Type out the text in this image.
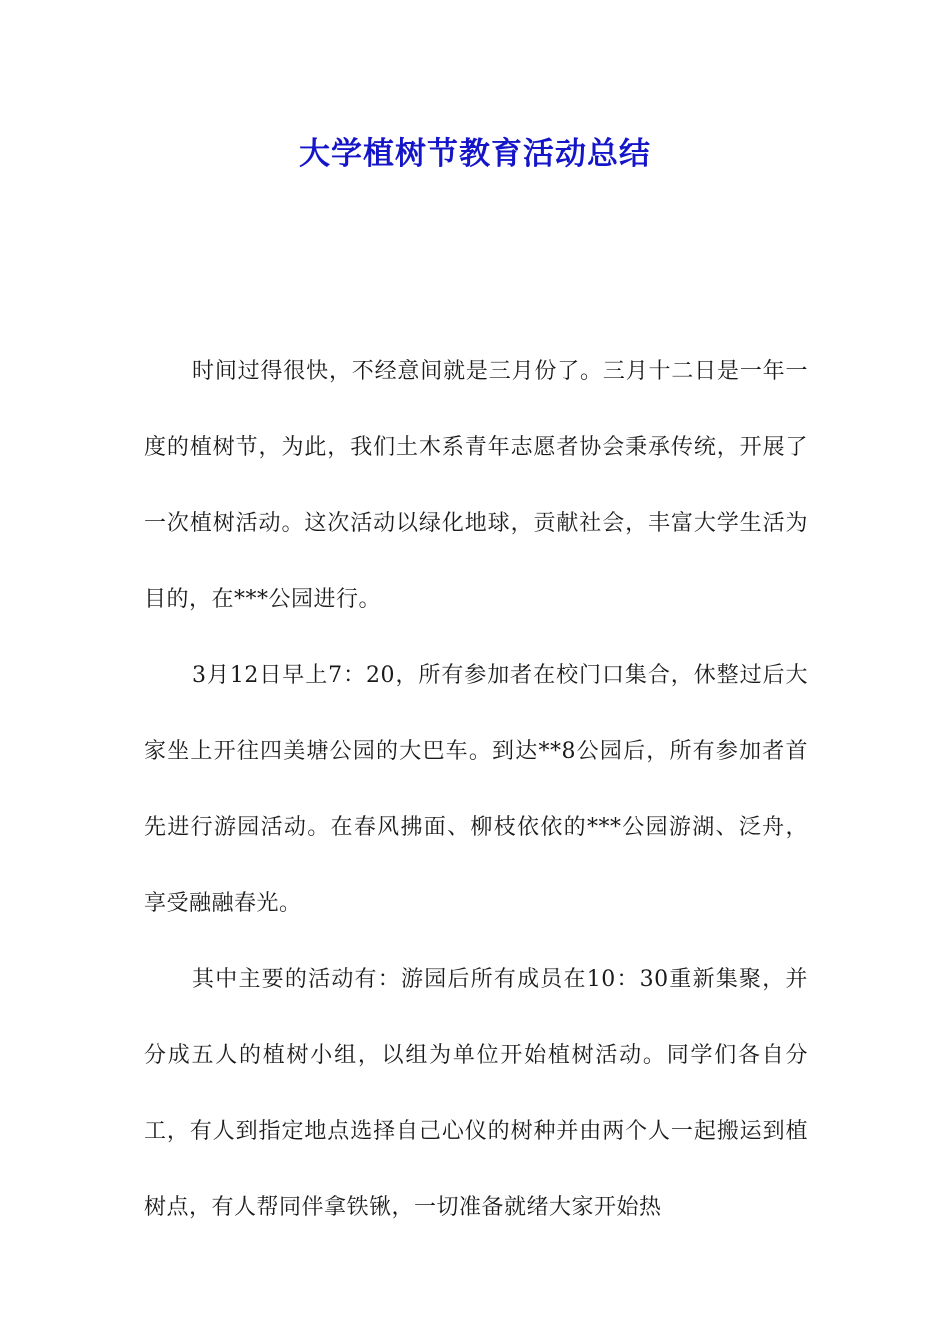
大学植树节教育活动总结

时间过得很快，不经意间就是三月份了。三月十二日是一年一度的植树节，为此，我们土木系青年志愿者协会秉承传统，开展了一次植树活动。这次活动以绿化地球，贡献社会，丰富大学生活为目的，在***公园进行。

3月12日早上7：20，所有参加者在校门口集合，休整过后大家坐上开往四美塘公园的大巴车。到达**8公园后，所有参加者首先进行游园活动。在春风拂面、柳枝依依的***公园游湖、泛舟，享受融融春光。

其中主要的活动有：游园后所有成员在10：30重新集聚，并分成五人的植树小组，以组为单位开始植树活动。同学们各自分工，有人到指定地点选择自己心仪的树种并由两个人一起搬运到植树点，有人帮同伴拿铁锹，一切准备就绪大家开始热
